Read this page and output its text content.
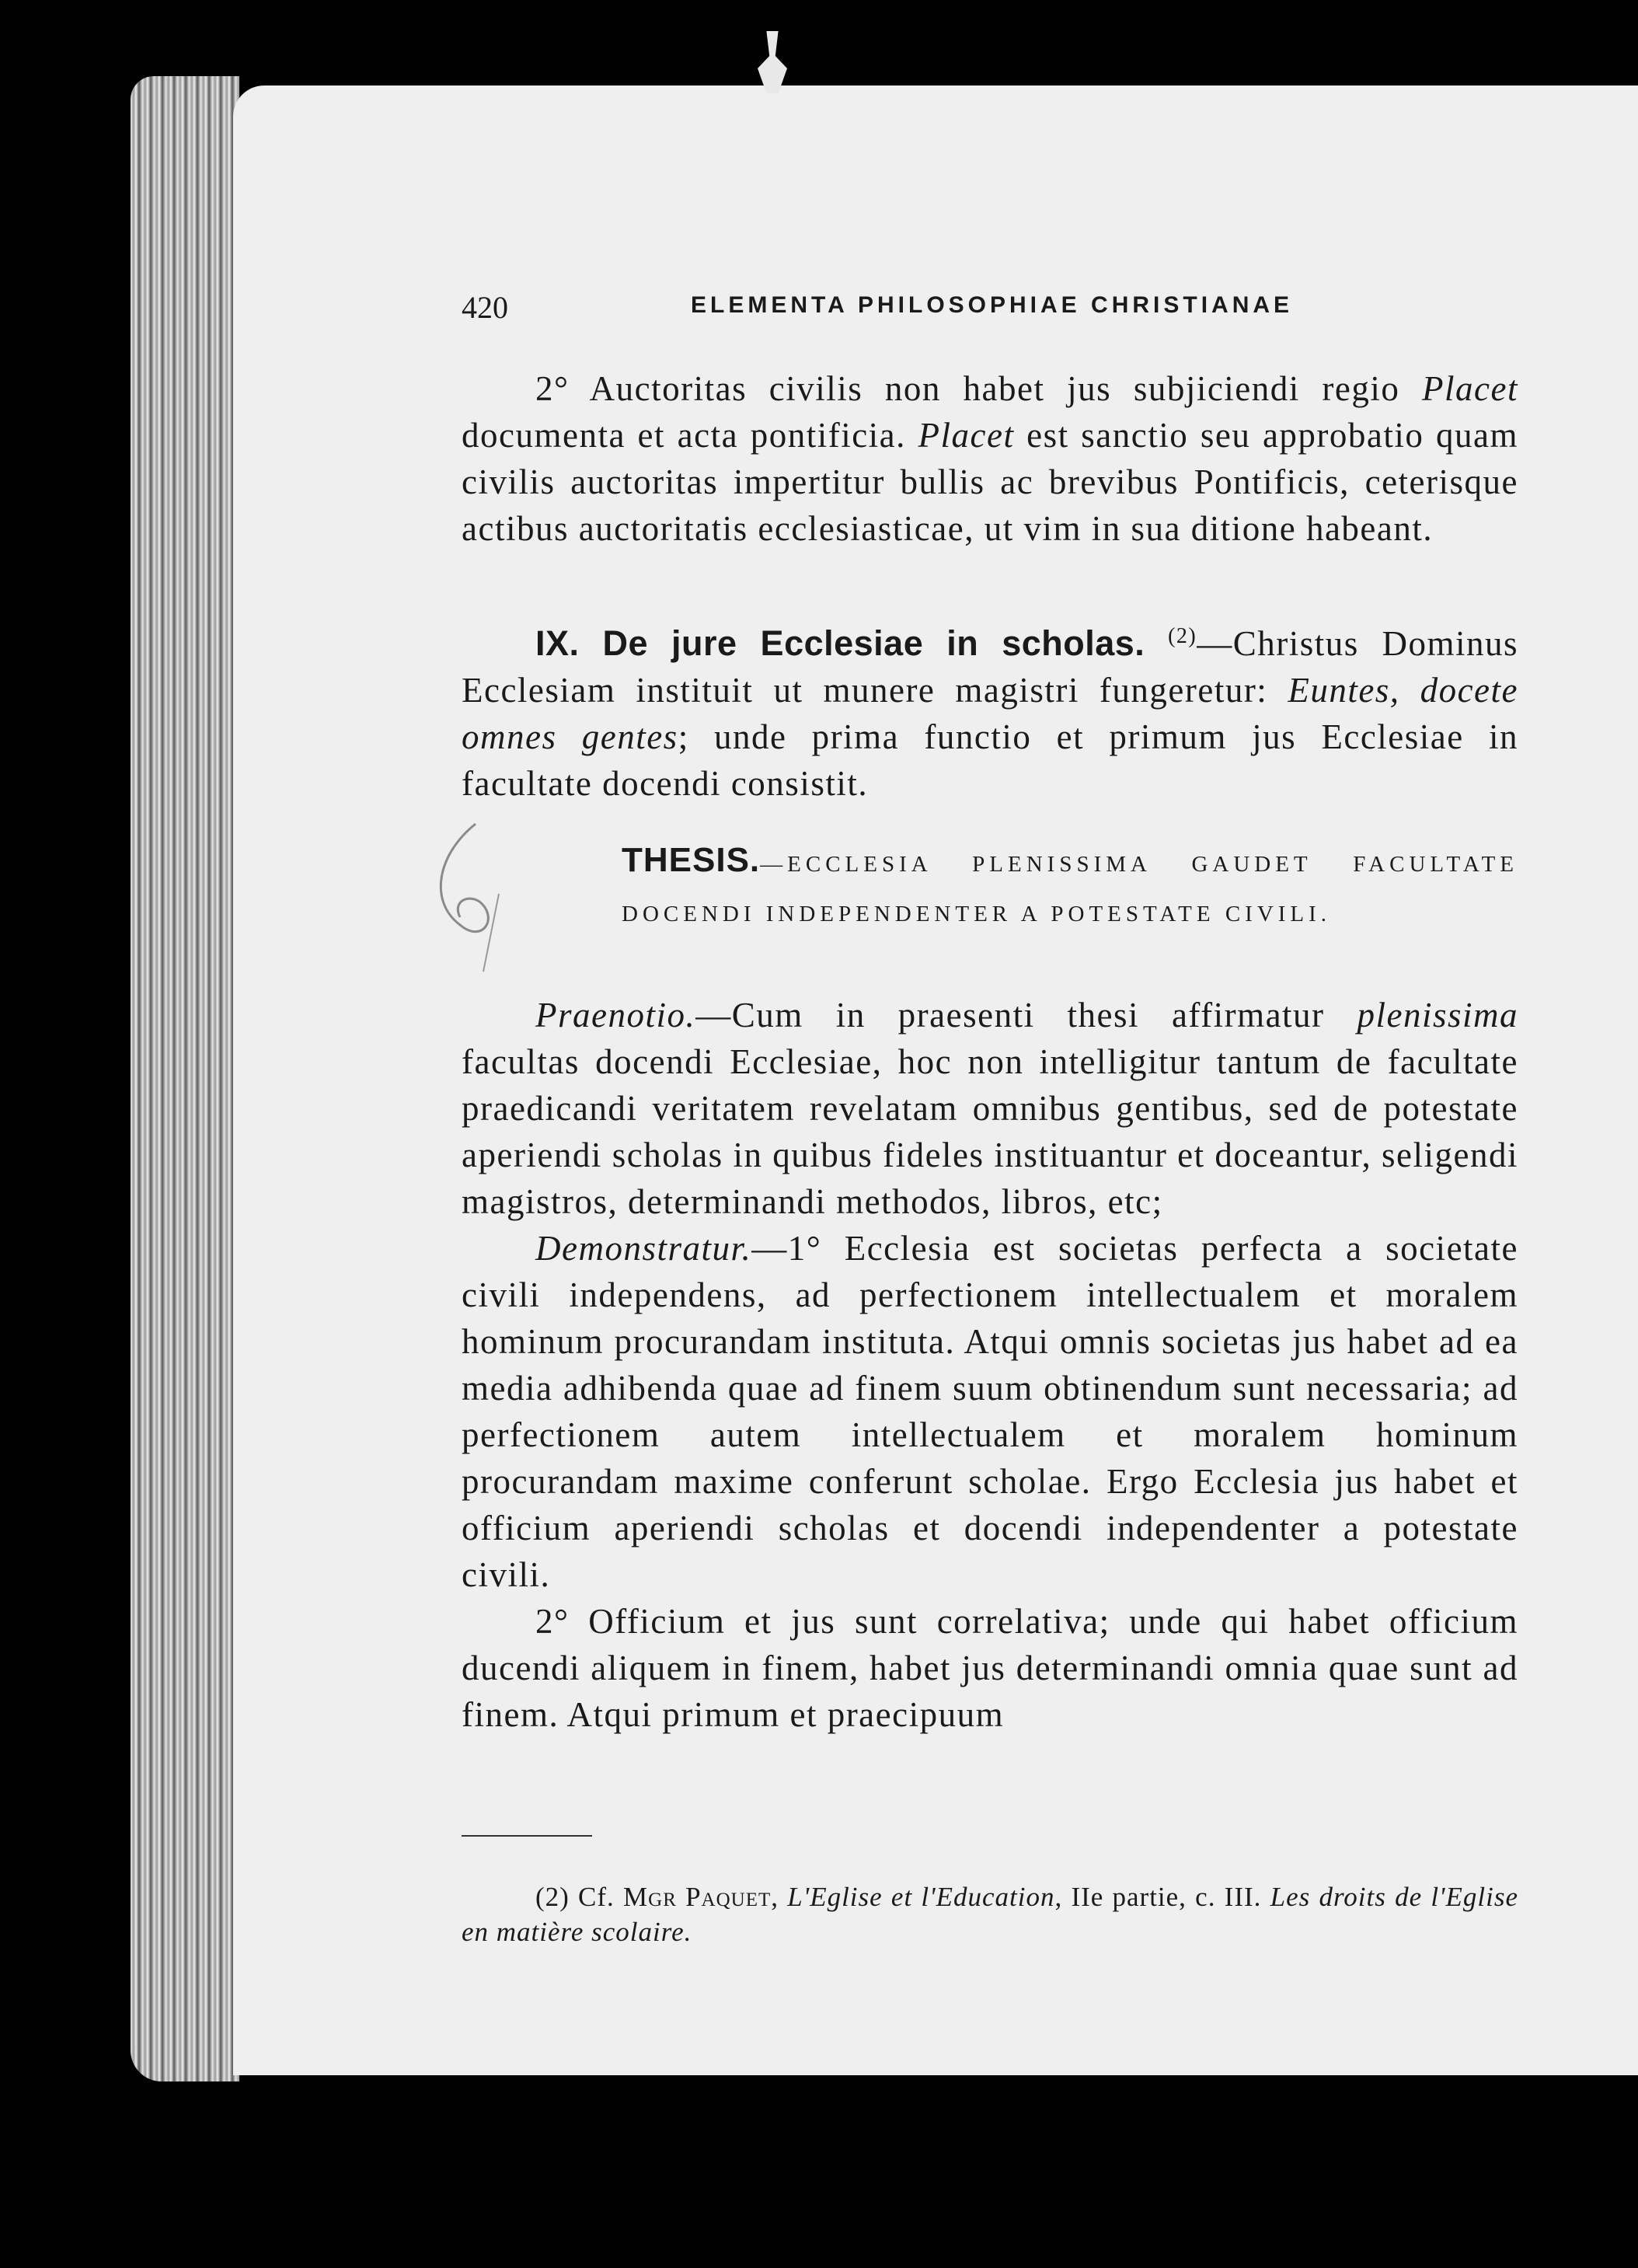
420	ELEMENTA PHILOSOPHIAE CHRISTIANAE

2° Auctoritas civilis non habet jus subjiciendi regio Placet documenta et acta pontificia. Placet est sanctio seu approbatio quam civilis auctoritas impertitur bullis ac brevibus Pontificis, ceterisque actibus auctoritatis ecclesiasticae, ut vim in sua ditione habeant.

IX. De jure Ecclesiae in scholas. $^{(2)}$—Christus Dominus Ecclesiam instituit ut munere magistri fungeretur: Euntes, docete omnes gentes; unde prima functio et primum jus Ecclesiae in facultate docendi consistit.

THESIS.—ECCLESIA PLENISSIMA GAUDET FACULTATE DOCENDI INDEPENDENTER A POTESTATE CIVILI.

Praenotio.—Cum in praesenti thesi affirmatur plenissima facultas docendi Ecclesiae, hoc non intelligitur tantum de facultate praedicandi veritatem revelatam omnibus gentibus, sed de potestate aperiendi scholas in quibus fideles instituantur et doceantur, seligendi magistros, determinandi methodos, libros, etc;

Demonstratur.—1° Ecclesia est societas perfecta a societate civili independens, ad perfectionem intellectualem et moralem hominum procurandam instituta. Atqui omnis societas jus habet ad ea media adhibenda quae ad finem suum obtinendum sunt necessaria; ad perfectionem autem intellectualem et moralem hominum procurandam maxime conferunt scholae. Ergo Ecclesia jus habet et officium aperiendi scholas et docendi independenter a potestate civili.

2° Officium et jus sunt correlativa; unde qui habet officium ducendi aliquem in finem, habet jus determinandi omnia quae sunt ad finem. Atqui primum et praecipuum

(2) Cf. Mgr Paquet, L'Eglise et l'Education, IIe partie, c. III. Les droits de l'Eglise en matière scolaire.
